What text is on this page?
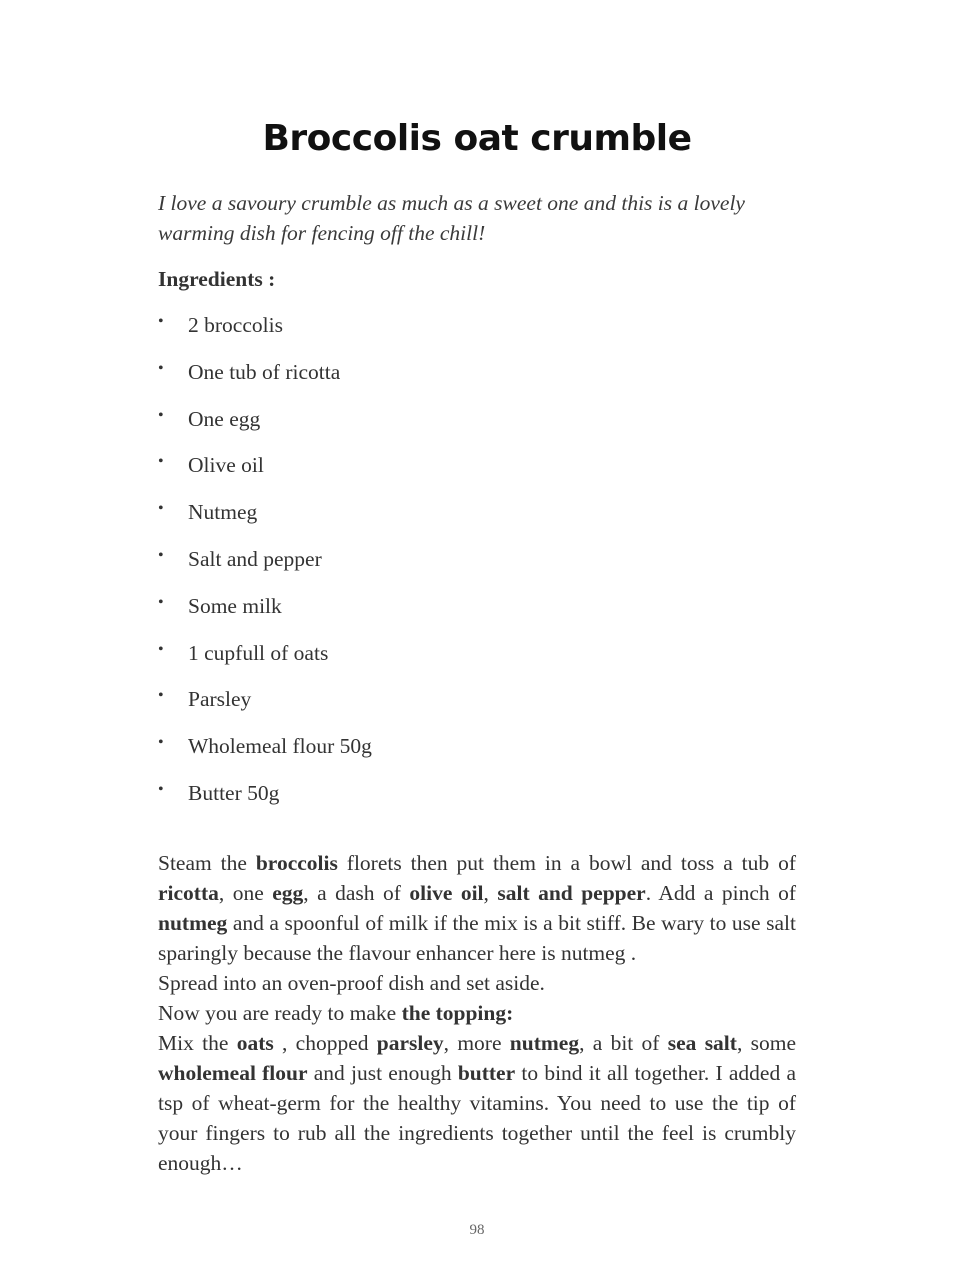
Broccolis oat crumble

I love a savoury crumble as much as a sweet one and this is a lovely warming dish for fencing off the chill!

Ingredients :

• 2 broccolis
• One tub of ricotta
• One egg
• Olive oil
• Nutmeg
• Salt and pepper
• Some milk
• 1 cupfull of oats
• Parsley
• Wholemeal flour 50g
• Butter 50g

Steam the broccolis florets then put them in a bowl and toss a tub of ricotta, one egg, a dash of olive oil, salt and pepper. Add a pinch of nutmeg and a spoonful of milk if the mix is a bit stiff. Be wary to use salt sparingly because the flavour enhancer here is nutmeg .

Spread into an oven-proof dish and set aside.

Now you are ready to make the topping:

Mix the oats , chopped parsley, more nutmeg, a bit of sea salt, some wholemeal flour and just enough butter to bind it all together. I added a tsp of wheat-germ for the healthy vitamins. You need to use the tip of your fingers to rub all the ingredients together until the feel is crumbly enough…

98
